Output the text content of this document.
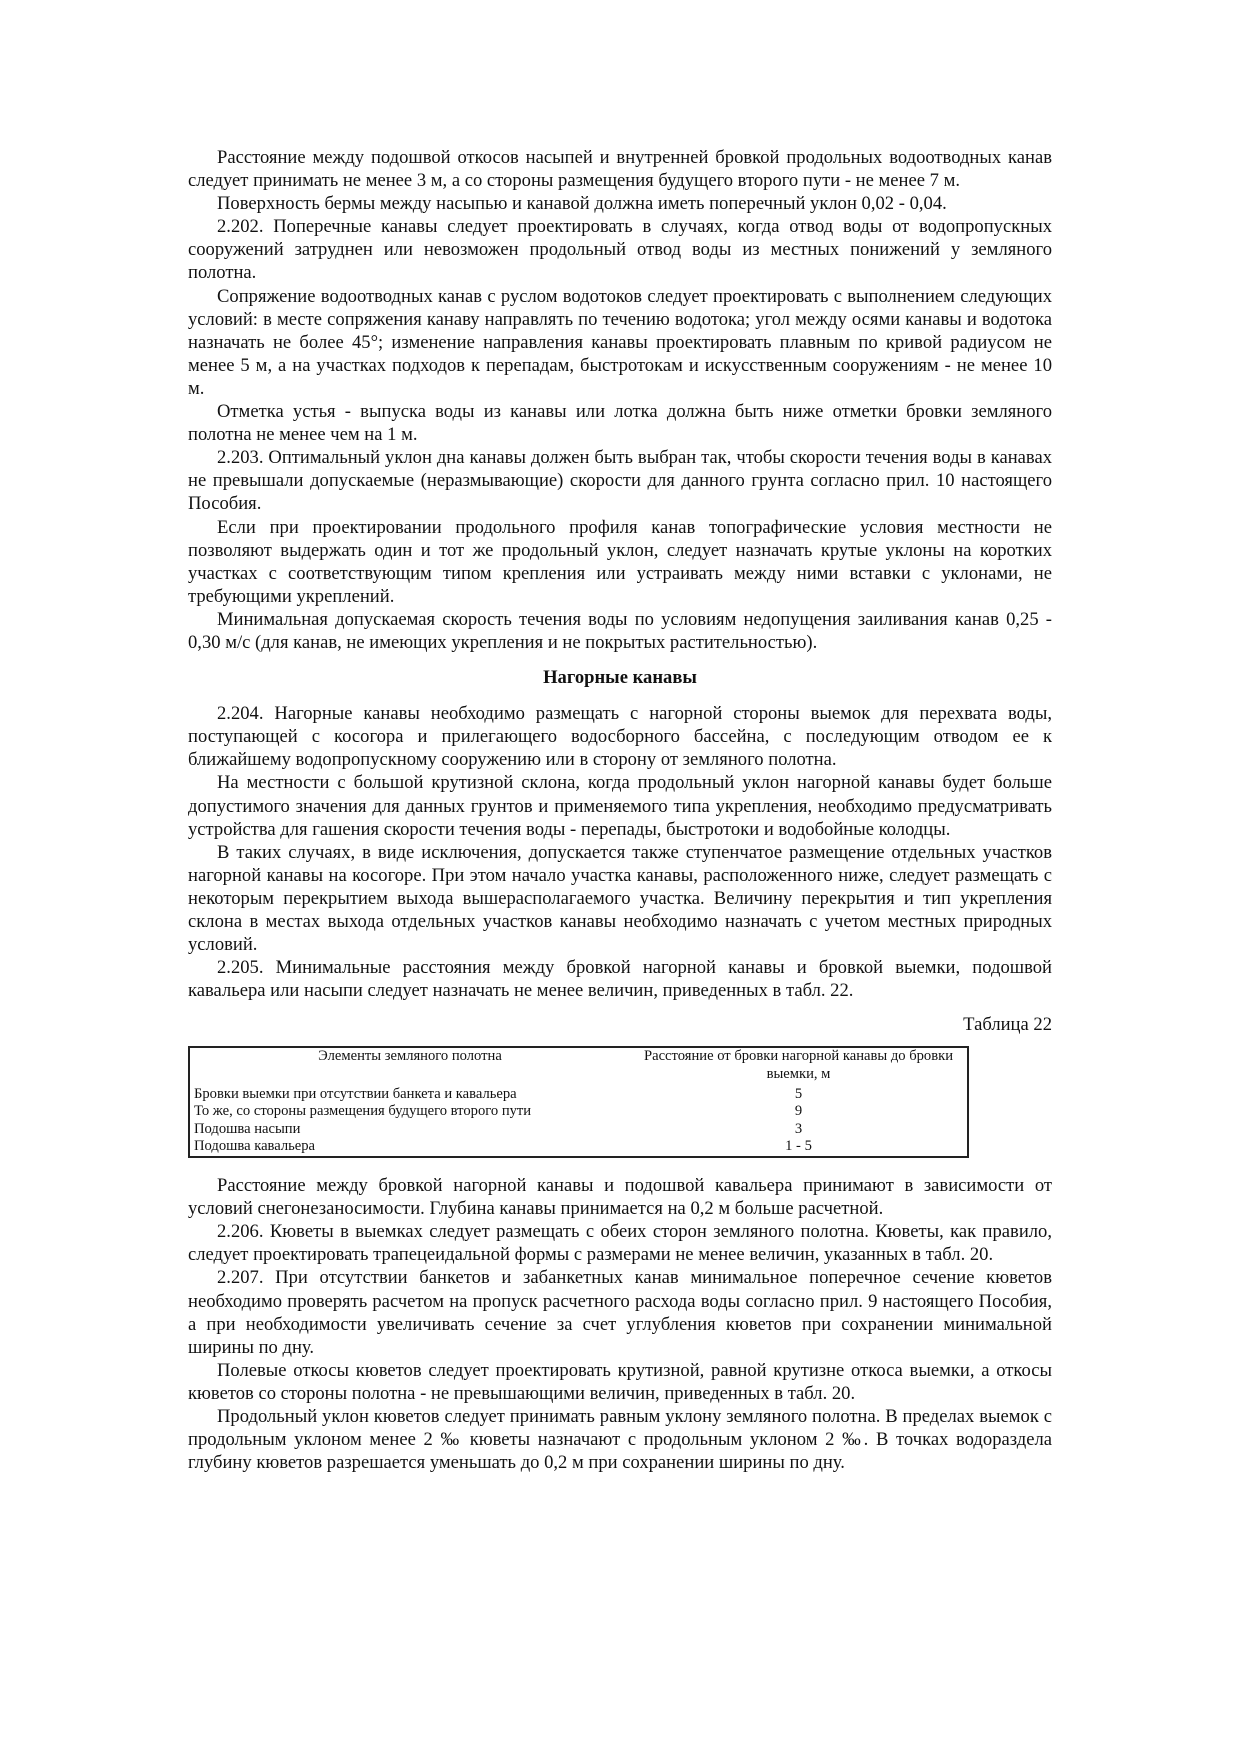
Расстояние между подошвой откосов насыпей и внутренней бровкой продольных водоотводных канав следует принимать не менее 3 м, а со стороны размещения будущего второго пути - не менее 7 м.

Поверхность бермы между насыпью и канавой должна иметь поперечный уклон 0,02 - 0,04.

2.202. Поперечные канавы следует проектировать в случаях, когда отвод воды от водопропускных сооружений затруднен или невозможен продольный отвод воды из местных понижений у земляного полотна.

Сопряжение водоотводных канав с руслом водотоков следует проектировать с выполнением следующих условий: в месте сопряжения канаву направлять по течению водотока; угол между осями канавы и водотока назначать не более 45°; изменение направления канавы проектировать плавным по кривой радиусом не менее 5 м, а на участках подходов к перепадам, быстротокам и искусственным сооружениям - не менее 10 м.

Отметка устья - выпуска воды из канавы или лотка должна быть ниже отметки бровки земляного полотна не менее чем на 1 м.

2.203. Оптимальный уклон дна канавы должен быть выбран так, чтобы скорости течения воды в канавах не превышали допускаемые (неразмывающие) скорости для данного грунта согласно прил. 10 настоящего Пособия.

Если при проектировании продольного профиля канав топографические условия местности не позволяют выдержать один и тот же продольный уклон, следует назначать крутые уклоны на коротких участках с соответствующим типом крепления или устраивать между ними вставки с уклонами, не требующими укреплений.

Минимальная допускаемая скорость течения воды по условиям недопущения заиливания канав 0,25 - 0,30 м/с (для канав, не имеющих укрепления и не покрытых растительностью).

Нагорные канавы

2.204. Нагорные канавы необходимо размещать с нагорной стороны выемок для перехвата воды, поступающей с косогора и прилегающего водосборного бассейна, с последующим отводом ее к ближайшему водопропускному сооружению или в сторону от земляного полотна.

На местности с большой крутизной склона, когда продольный уклон нагорной канавы будет больше допустимого значения для данных грунтов и применяемого типа укрепления, необходимо предусматривать устройства для гашения скорости течения воды - перепады, быстротоки и водобойные колодцы.

В таких случаях, в виде исключения, допускается также ступенчатое размещение отдельных участков нагорной канавы на косогоре. При этом начало участка канавы, расположенного ниже, следует размещать с некоторым перекрытием выхода вышерасполагаемого участка. Величину перекрытия и тип укрепления склона в местах выхода отдельных участков канавы необходимо назначать с учетом местных природных условий.

2.205. Минимальные расстояния между бровкой нагорной канавы и бровкой выемки, подошвой кавальера или насыпи следует назначать не менее величин, приведенных в табл. 22.

Таблица 22
Элементы земляного полотна	Расстояние от бровки нагорной канавы до бровки выемки, м
Бровки выемки при отсутствии банкета и кавальера	5
То же, со стороны размещения будущего второго пути	9
Подошва насыпи	3
Подошва кавальера	1 - 5

Расстояние между бровкой нагорной канавы и подошвой кавальера принимают в зависимости от условий снегонезаносимости. Глубина канавы принимается на 0,2 м больше расчетной.

2.206. Кюветы в выемках следует размещать с обеих сторон земляного полотна. Кюветы, как правило, следует проектировать трапецеидальной формы с размерами не менее величин, указанных в табл. 20.

2.207. При отсутствии банкетов и забанкетных канав минимальное поперечное сечение кюветов необходимо проверять расчетом на пропуск расчетного расхода воды согласно прил. 9 настоящего Пособия, а при необходимости увеличивать сечение за счет углубления кюветов при сохранении минимальной ширины по дну.

Полевые откосы кюветов следует проектировать крутизной, равной крутизне откоса выемки, а откосы кюветов со стороны полотна - не превышающими величин, приведенных в табл. 20.

Продольный уклон кюветов следует принимать равным уклону земляного полотна. В пределах выемок с продольным уклоном менее 2 ‰ кюветы назначают с продольным уклоном 2 ‰. В точках водораздела глубину кюветов разрешается уменьшать до 0,2 м при сохранении ширины по дну.
